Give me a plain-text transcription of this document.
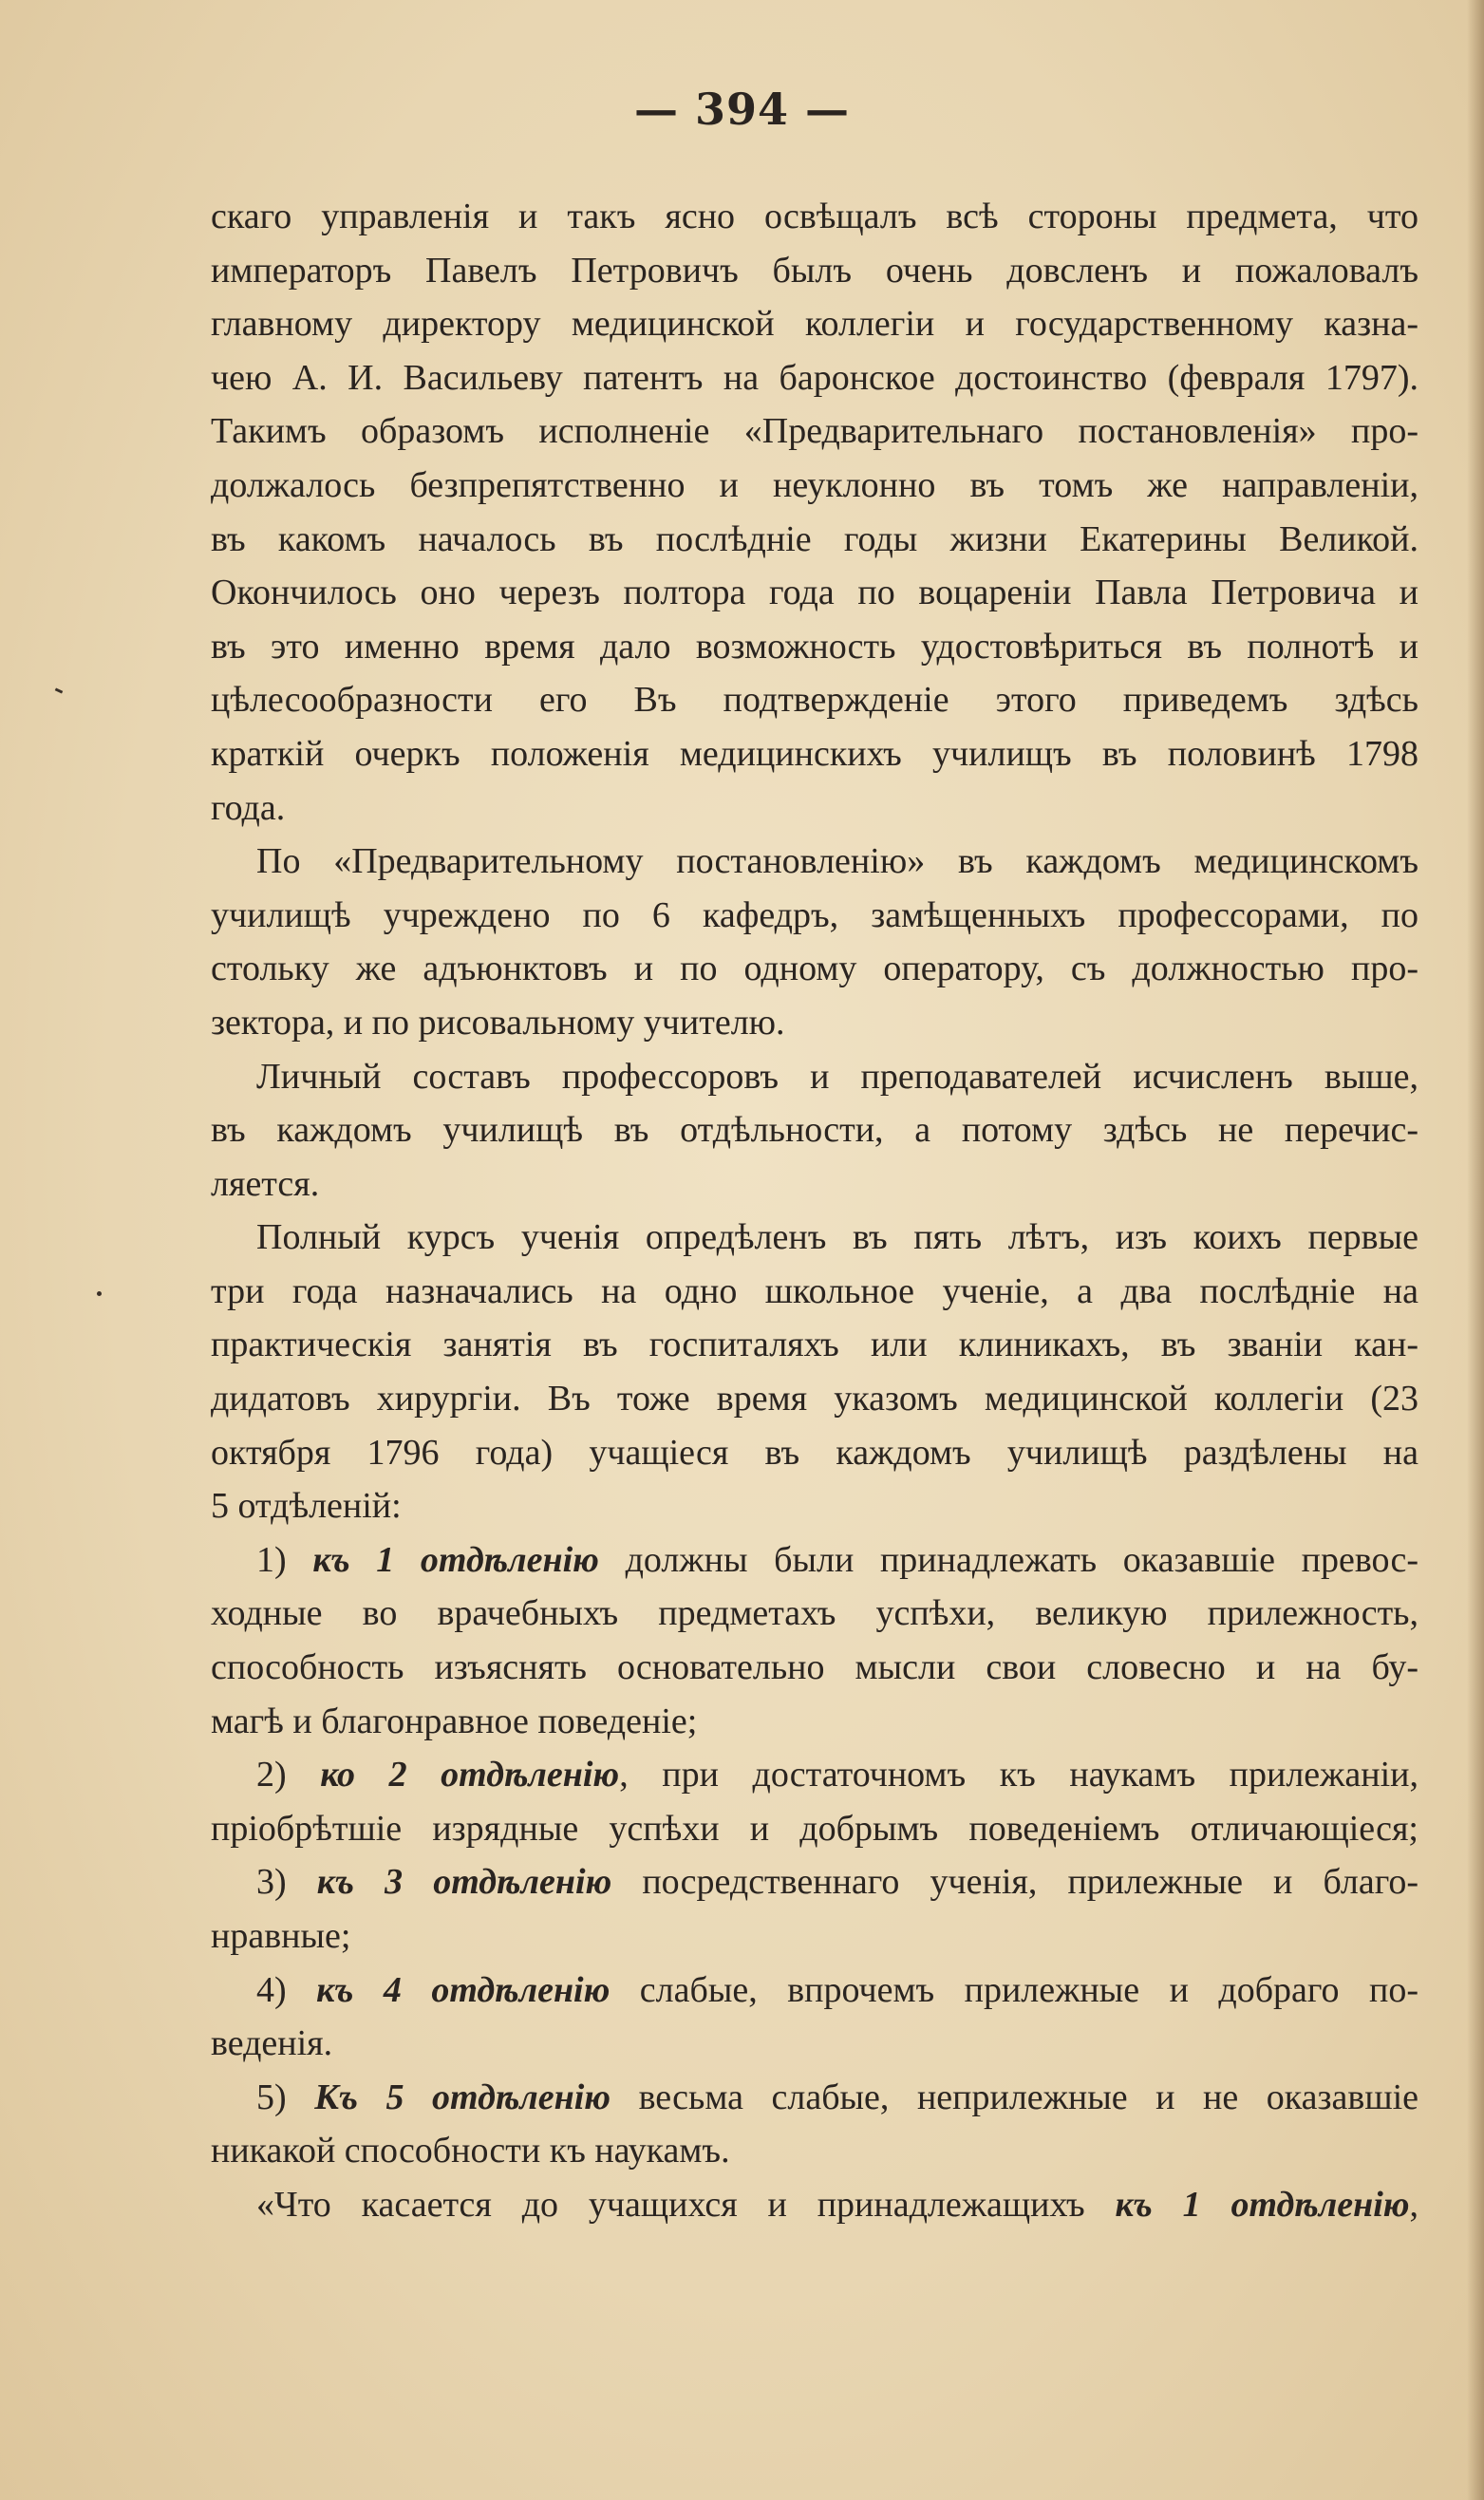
— 394 —
скаго управленія и такъ ясно освѣщалъ всѣ стороны предмета, что
императоръ Павелъ Петровичъ былъ очень довсленъ и пожаловалъ
главному директору медицинской коллегіи и государственному казна-
чею А. И. Васильеву патентъ на баронское достоинство (февраля 1797).
Такимъ образомъ исполненіе «Предварительнаго постановленія» про-
должалось безпрепятственно и неуклонно въ томъ же направленіи,
въ какомъ началось въ послѣдніе годы жизни Екатерины Великой.
Окончилось оно черезъ полтора года по воцареніи Павла Петровича и
въ это именно время дало возможность удостовѣриться въ полнотѣ и
цѣлесообразности его Въ подтвержденіе этого приведемъ здѣсь
краткій очеркъ положенія медицинскихъ училищъ въ половинѣ 1798
года.
По «Предварительному постановленію» въ каждомъ медицинскомъ
училищѣ учреждено по 6 кафедръ, замѣщенныхъ профессорами, по
стольку же адъюнктовъ и по одному оператору, съ должностью про-
зектора, и по рисовальному учителю.
Личный составъ профессоровъ и преподавателей исчисленъ выше,
въ каждомъ училищѣ въ отдѣльности, а потому здѣсь не перечис-
ляется.
Полный курсъ ученія опредѣленъ въ пять лѣтъ, изъ коихъ первые
три года назначались на одно школьное ученіе, а два послѣдніе на
практическія занятія въ госпиталяхъ или клиникахъ, въ званіи кан-
дидатовъ хирургіи. Въ тоже время указомъ медицинской коллегіи (23
октября 1796 года) учащіеся въ каждомъ училищѣ раздѣлены на
5 отдѣленій:
1) къ 1 отдѣленію должны были принадлежать оказавшіе превос-
ходные во врачебныхъ предметахъ успѣхи, великую прилежность,
способность изъяснять основательно мысли свои словесно и на бу-
магѣ и благонравное поведеніе;
2) ко 2 отдѣленію, при достаточномъ къ наукамъ прилежаніи,
пріобрѣтшіе изрядные успѣхи и добрымъ поведеніемъ отличающіеся;
3) къ 3 отдѣленію посредственнаго ученія, прилежные и благо-
нравные;
4) къ 4 отдѣленію слабые, впрочемъ прилежные и добраго по-
веденія.
5) Къ 5 отдѣленію весьма слабые, неприлежные и не оказавшіе
никакой способности къ наукамъ.
«Что касается до учащихся и принадлежащихъ къ 1 отдѣленію,
